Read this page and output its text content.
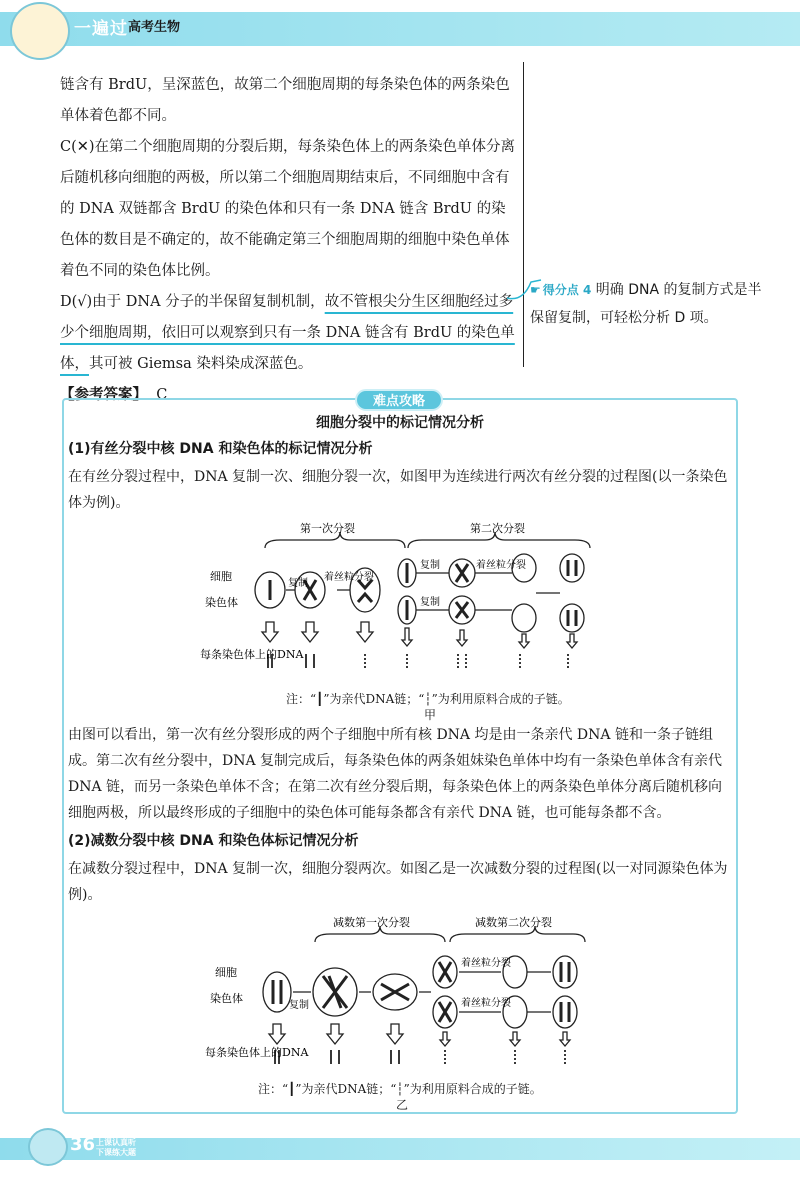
一遍过 高考生物

链含有 BrdU，呈深蓝色，故第二个细胞周期的每条染色体的两条染色单体着色都不同。

C(✕)在第二个细胞周期的分裂后期，每条染色体上的两条染色单体分离后随机移向细胞的两极，所以第二个细胞周期结束后，不同细胞中含有的 DNA 双链都含 BrdU 的染色体和只有一条 DNA 链含 BrdU 的染色体的数目是不确定的，故不能确定第三个细胞周期的细胞中染色单体着色不同的染色体比例。

D(√)由于 DNA 分子的半保留复制机制，故不管根尖分生区细胞经过多少个细胞周期，依旧可以观察到只有一条 DNA 链含有 BrdU 的染色单体，其可被 Giemsa 染料染成深蓝色。

【参考答案】 C

☛ 得分点 4 明确 DNA 的复制方式是半保留复制，可轻松分析 D 项。
难点攻略
细胞分裂中的标记情况分析
(1)有丝分裂中核 DNA 和染色体的标记情况分析
在有丝分裂过程中，DNA 复制一次、细胞分裂一次，如图甲为连续进行两次有丝分裂的过程图(以一条染色体为例)。
第一次分裂	第二次分裂
细胞
染色体
复制
着丝粒分裂
复制
复制
着丝粒分裂
每条染色体上的DNA
注：“┃”为亲代DNA链；“┆”为利用原料合成的子链。
甲
由图可以看出，第一次有丝分裂形成的两个子细胞中所有核 DNA 均是由一条亲代 DNA 链和一条子链组成。第二次有丝分裂中，DNA 复制完成后，每条染色体的两条姐妹染色单体中均有一条染色单体含有亲代 DNA 链，而另一条染色单体不含；在第二次有丝分裂后期，每条染色体上的两条染色单体分离后随机移向细胞两极，所以最终形成的子细胞中的染色体可能每条都含有亲代 DNA 链，也可能每条都不含。
(2)减数分裂中核 DNA 和染色体标记情况分析
在减数分裂过程中，DNA 复制一次，细胞分裂两次。如图乙是一次减数分裂的过程图(以一对同源染色体为例)。
减数第一次分裂	减数第二次分裂
细胞
染色体
复制
着丝粒分裂
着丝粒分裂
每条染色体上的DNA
注：“┃”为亲代DNA链；“┆”为利用原料合成的子链。
乙
36 上课认真听
下课练大题
